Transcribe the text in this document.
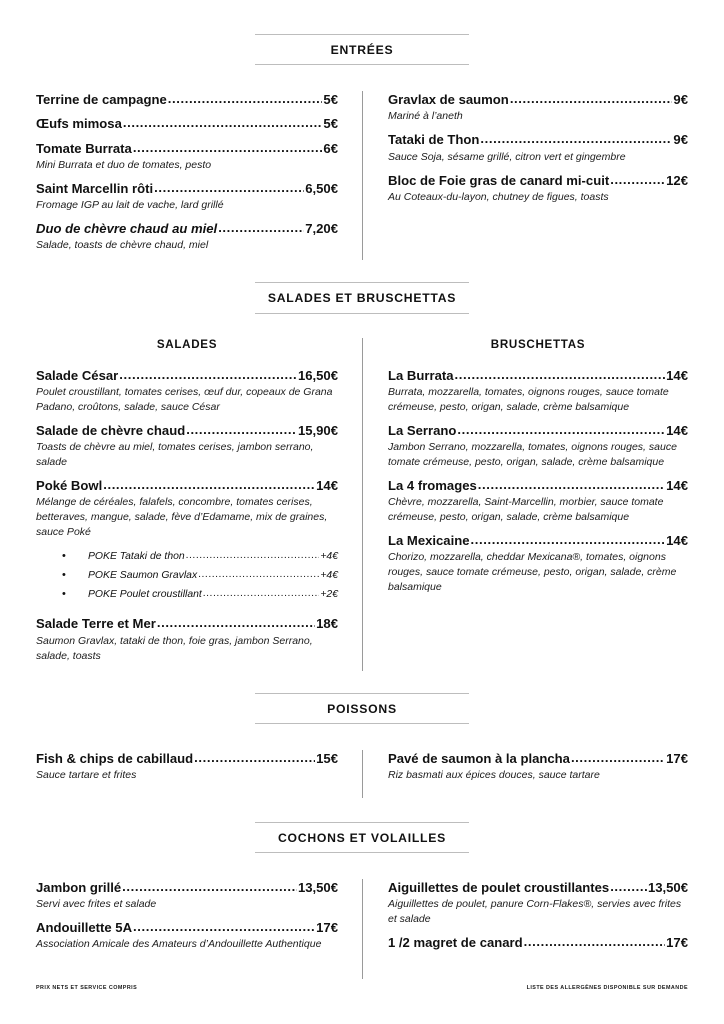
ENTRÉES
Terrine de campagne .....	5€
Œufs mimosa .....	5€
Tomate Burrata .....	6€
Mini Burrata et duo de tomates, pesto
Saint Marcellin rôti .....	6,50€
Fromage IGP au lait de vache, lard grillé
Duo de chèvre chaud au miel .....	7,20€
Salade, toasts de chèvre chaud, miel
Gravlax de saumon .....	9€
Mariné à l’aneth
Tataki de Thon .....	9€
Sauce Soja, sésame grillé, citron vert et gingembre
Bloc de Foie gras de canard mi-cuit .....	12€
Au Coteaux-du-layon, chutney de figues, toasts
SALADES ET BRUSCHETTAS
SALADES
Salade César .....	16,50€
Poulet croustillant, tomates cerises, œuf dur, copeaux de Grana Padano, croûtons, salade, sauce César
Salade de chèvre chaud .....	15,90€
Toasts de chèvre au miel, tomates cerises, jambon serrano, salade
Poké Bowl .....	14€
Mélange de céréales, falafels, concombre, tomates cerises, betteraves, mangue, salade, fève d’Edamame, mix de graines, sauce Poké
•	POKE Tataki de thon .....	+4€
•	POKE Saumon Gravlax .....	+4€
•	POKE Poulet croustillant .....	+2€
Salade Terre et Mer .....	18€
Saumon Gravlax, tataki de thon, foie gras, jambon Serrano, salade, toasts
BRUSCHETTAS
La Burrata .....	14€
Burrata, mozzarella, tomates, oignons rouges, sauce tomate crémeuse, pesto, origan, salade, crème balsamique
La Serrano .....	14€
Jambon Serrano, mozzarella, tomates, oignons rouges, sauce tomate crémeuse, pesto, origan, salade, crème balsamique
La 4 fromages .....	14€
Chèvre, mozzarella, Saint-Marcellin, morbier, sauce tomate crémeuse, pesto, origan, salade, crème balsamique
La Mexicaine .....	14€
Chorizo, mozzarella, cheddar Mexicana®, tomates, oignons rouges, sauce tomate crémeuse, pesto, origan, salade, crème balsamique
POISSONS
Fish & chips de cabillaud .....	15€
Sauce tartare et frites
Pavé de saumon à la plancha .....	17€
Riz basmati aux épices douces, sauce tartare
COCHONS ET VOLAILLES
Jambon grillé .....	13,50€
Servi avec frites et salade
Andouillette 5A .....	17€
Association Amicale des Amateurs d’Andouillette Authentique
Aiguillettes de poulet croustillantes .....	13,50€
Aiguillettes de poulet, panure Corn-Flakes®, servies avec frites et salade
1 /2 magret de canard .....	17€
PRIX NETS ET SERVICE COMPRIS	LISTE DES ALLERGÈNES DISPONIBLE SUR DEMANDE
